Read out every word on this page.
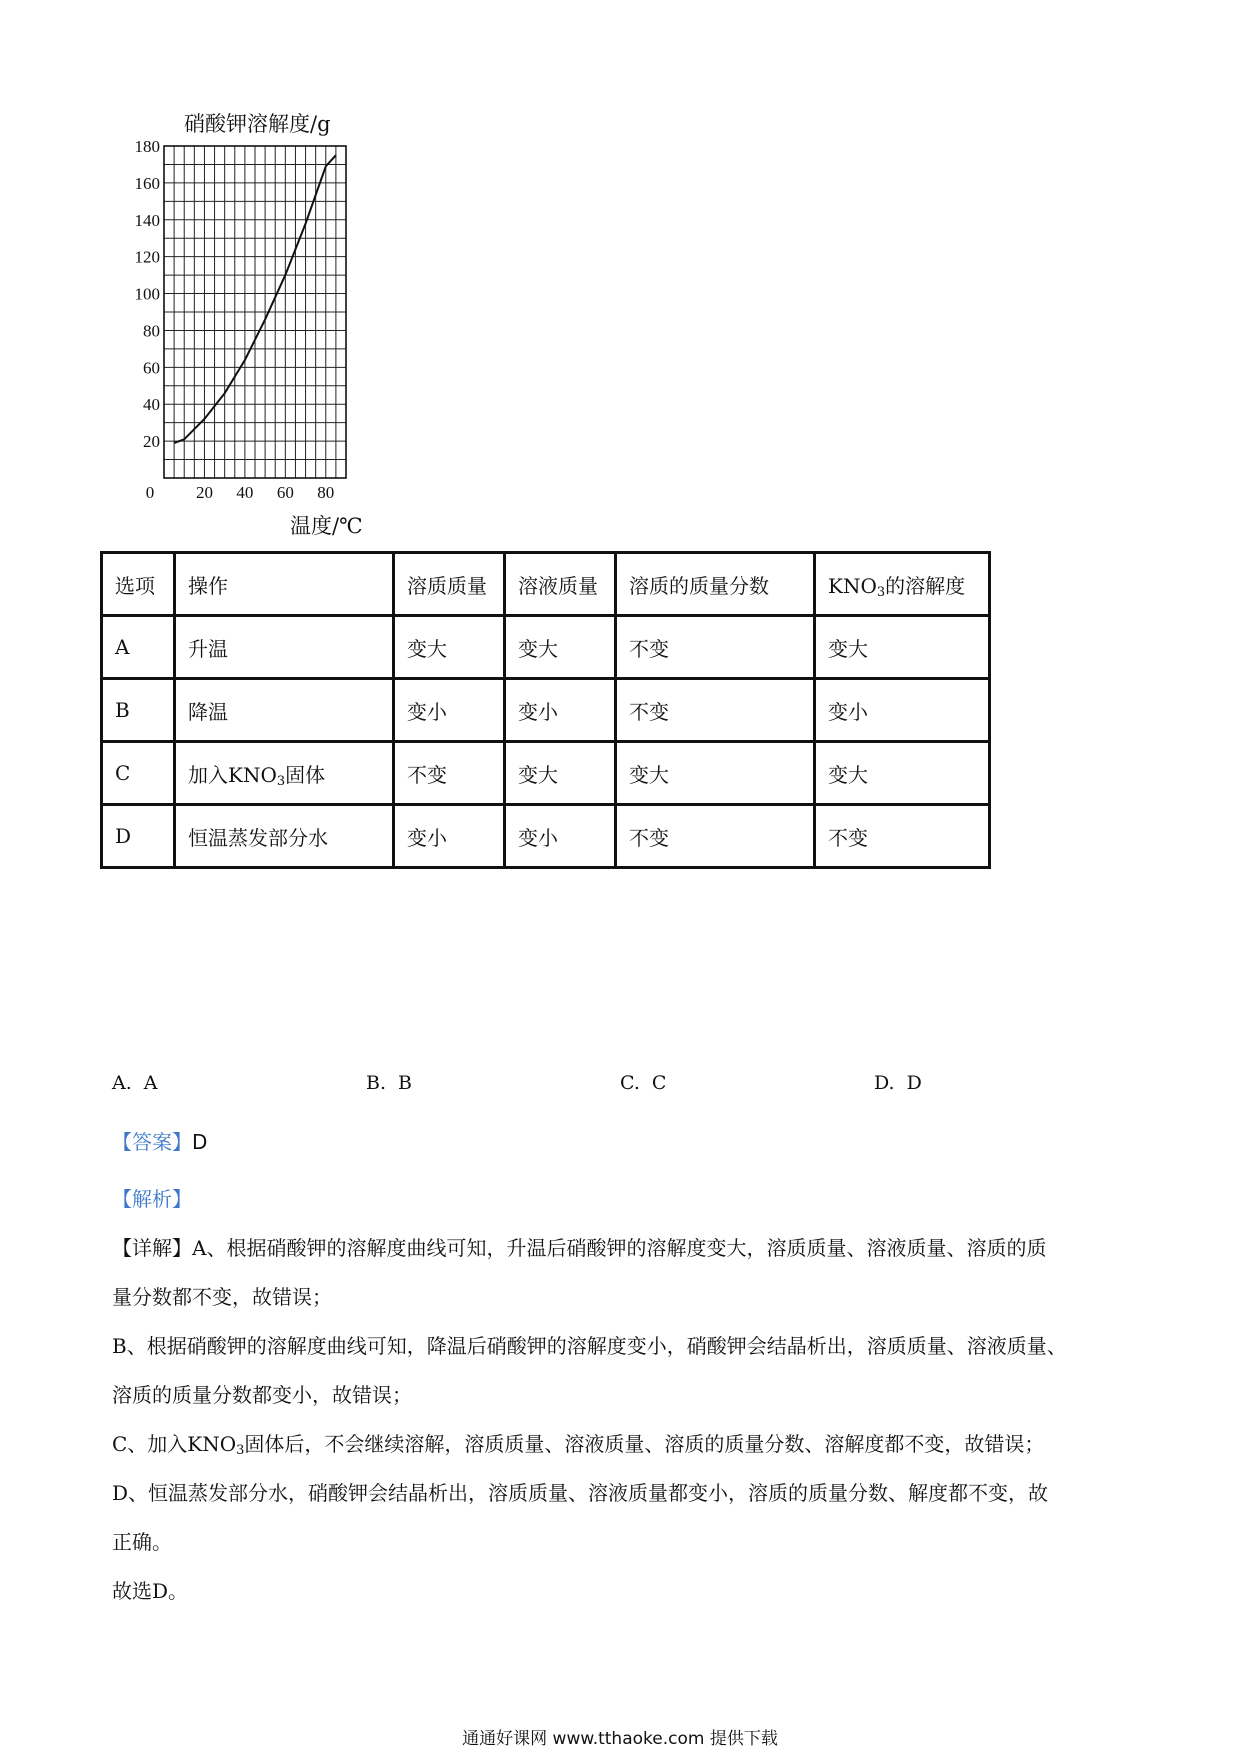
20
40
60
80
100
120
140
160
180
0 20 40 60 80
硝酸钾溶解度/g
温度/℃
选项	操作	溶质质量	溶液质量	溶质的质量分数	$KNO_3$的溶解度
A	升温	变大	变大	不变	变大
B	降温	变小	变小	不变	变小
C	加入$KNO_3$固体	不变	变大	变大	变大
D	恒温蒸发部分水	变小	变小	不变	不变
A. A	B. B	C. C	D. D
【答案】D
【解析】
【详解】A、根据硝酸钾的溶解度曲线可知，升温后硝酸钾的溶解度变大，溶质质量、溶液质量、溶质的质
量分数都不变，故错误；
B、根据硝酸钾的溶解度曲线可知，降温后硝酸钾的溶解度变小，硝酸钾会结晶析出，溶质质量、溶液质量、
溶质的质量分数都变小，故错误；
C、加入$KNO_3$固体后，不会继续溶解，溶质质量、溶液质量、溶质的质量分数、溶解度都不变，故错误；
D、恒温蒸发部分水，硝酸钾会结晶析出，溶质质量、溶液质量都变小，溶质的质量分数、解度都不变，故
正确。
故选D。
通通好课网 www.tthaoke.com 提供下载
